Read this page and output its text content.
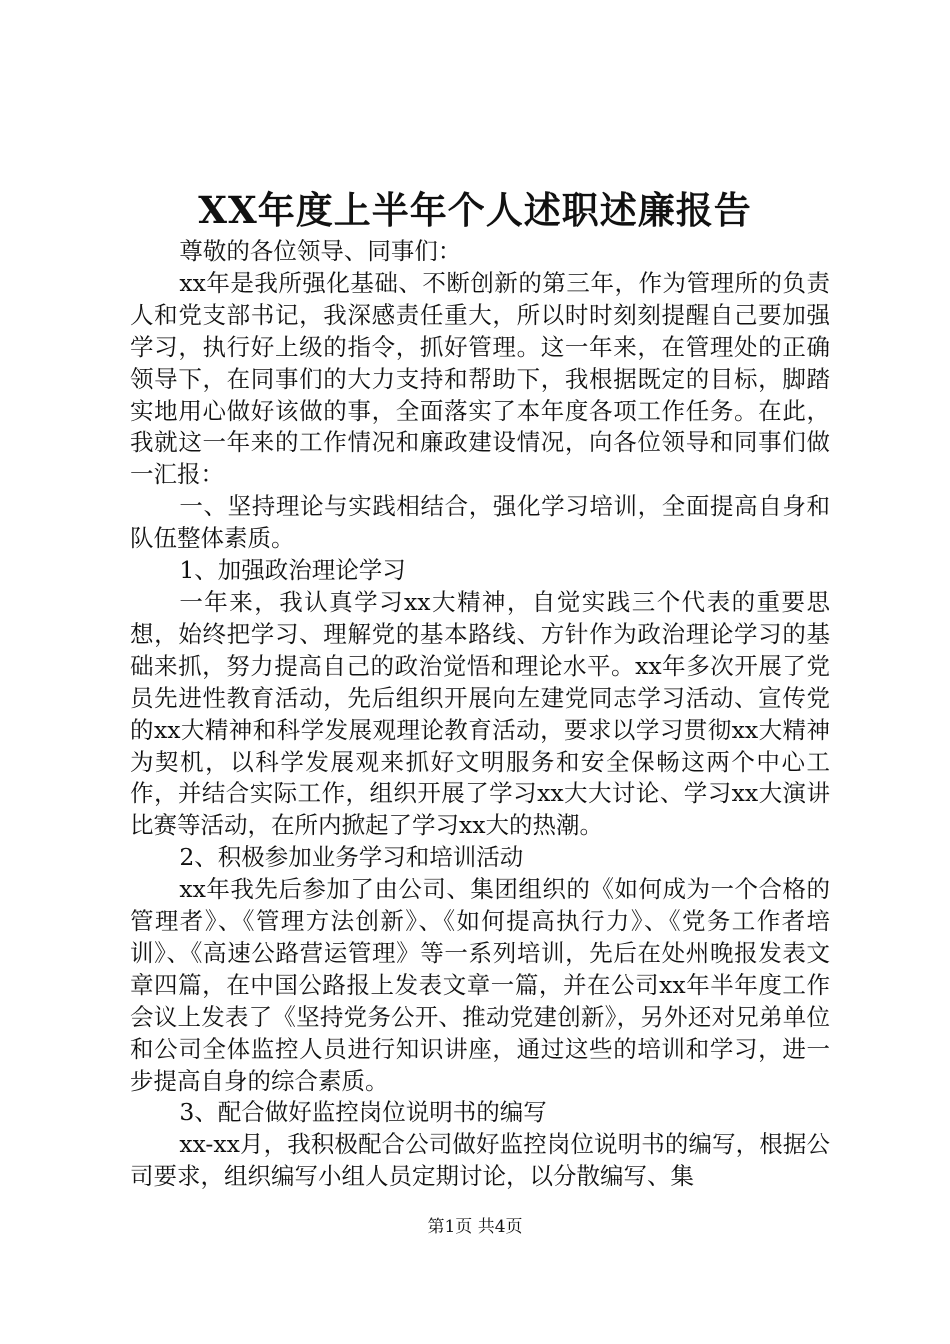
XX年度上半年个人述职述廉报告

尊敬的各位领导、同事们：

xx年是我所强化基础、不断创新的第三年，作为管理所的负责人和党支部书记，我深感责任重大，所以时时刻刻提醒自己要加强学习，执行好上级的指令，抓好管理。这一年来，在管理处的正确领导下，在同事们的大力支持和帮助下，我根据既定的目标，脚踏实地用心做好该做的事，全面落实了本年度各项工作任务。在此，我就这一年来的工作情况和廉政建设情况，向各位领导和同事们做一汇报：

一、坚持理论与实践相结合，强化学习培训，全面提高自身和队伍整体素质。

1、加强政治理论学习

一年来，我认真学习xx大精神，自觉实践三个代表的重要思想，始终把学习、理解党的基本路线、方针作为政治理论学习的基础来抓，努力提高自己的政治觉悟和理论水平。xx年多次开展了党员先进性教育活动，先后组织开展向左建党同志学习活动、宣传党的xx大精神和科学发展观理论教育活动，要求以学习贯彻xx大精神为契机，以科学发展观来抓好文明服务和安全保畅这两个中心工作，并结合实际工作，组织开展了学习xx大大讨论、学习xx大演讲比赛等活动，在所内掀起了学习xx大的热潮。

2、积极参加业务学习和培训活动

xx年我先后参加了由公司、集团组织的《如何成为一个合格的管理者》、《管理方法创新》、《如何提高执行力》、《党务工作者培训》、《高速公路营运管理》等一系列培训，先后在处州晚报发表文章四篇，在中国公路报上发表文章一篇，并在公司xx年半年度工作会议上发表了《坚持党务公开、推动党建创新》，另外还对兄弟单位和公司全体监控人员进行知识讲座，通过这些的培训和学习，进一步提高自身的综合素质。

3、配合做好监控岗位说明书的编写

xx-xx月，我积极配合公司做好监控岗位说明书的编写，根据公司要求，组织编写小组人员定期讨论，以分散编写、集

第1页 共4页
